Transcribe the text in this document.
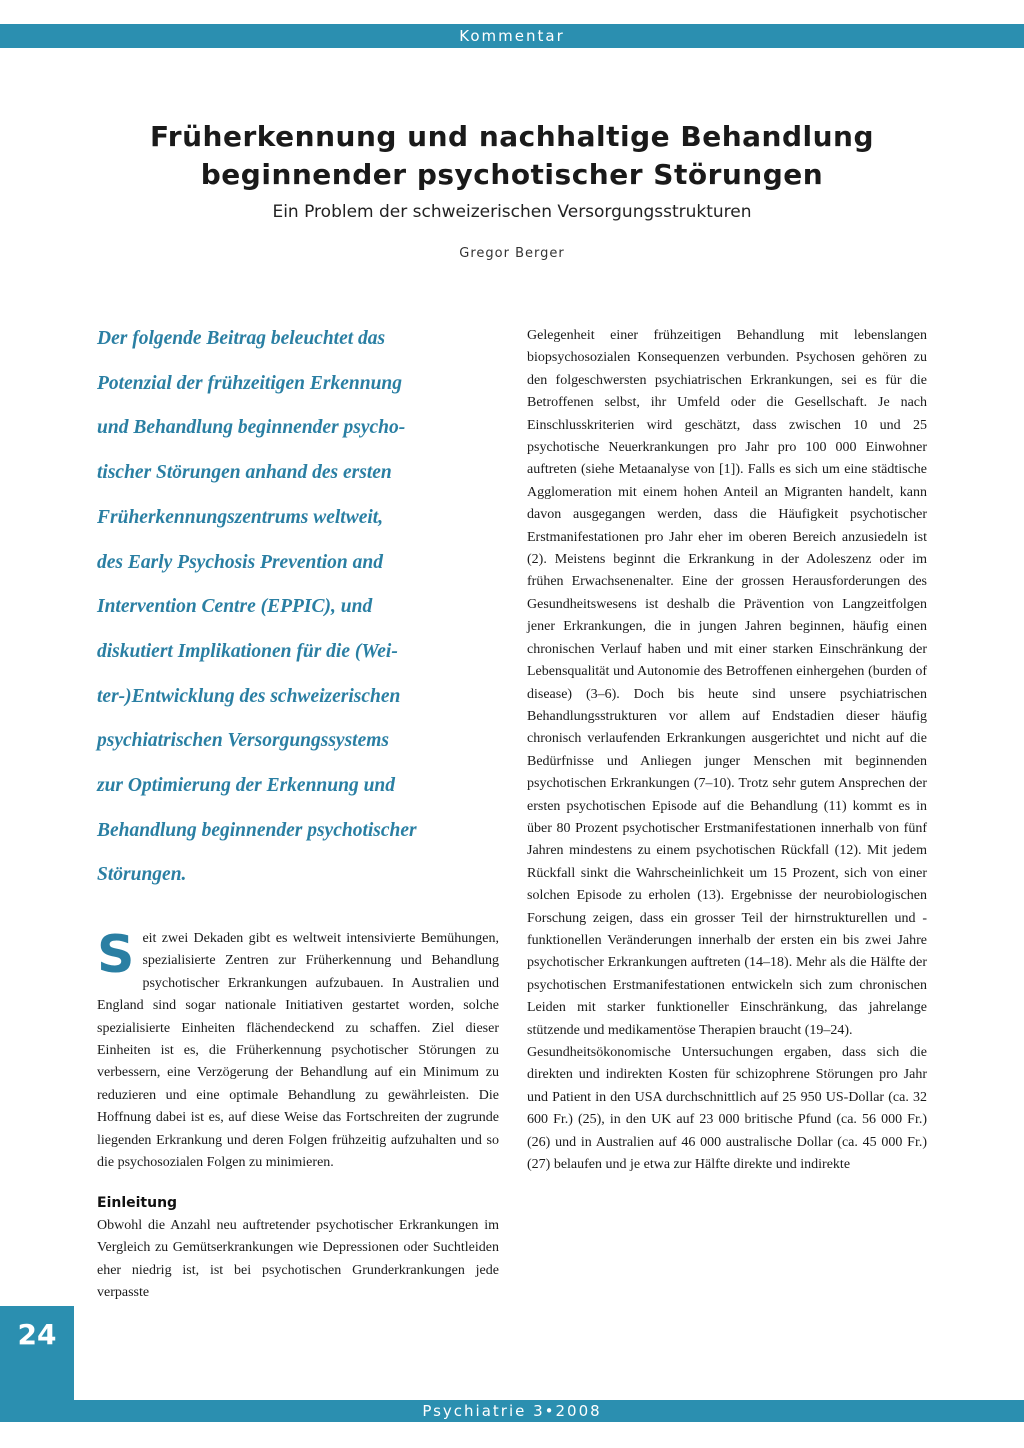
Kommentar
Früherkennung und nachhaltige Behandlung
beginnender psychotischer Störungen
Ein Problem der schweizerischen Versorgungsstrukturen
Gregor Berger

Der folgende Beitrag beleuchtet das

Potenzial der frühzeitigen Erkennung

und Behandlung beginnender psycho-

tischer Störungen anhand des ersten

Früherkennungszentrums weltweit,

des Early Psychosis Prevention and

Intervention Centre (EPPIC), und

diskutiert Implikationen für die (Wei-

ter-)Entwicklung des schweizerischen

psychiatrischen Versorgungssystems

zur Optimierung der Erkennung und

Behandlung beginnender psychotischer

Störungen.

Seit zwei Dekaden gibt es weltweit intensivierte Bemühungen, spezialisierte Zentren zur Früherkennung und Behandlung psychotischer Erkrankungen aufzubauen. In Australien und England sind sogar nationale Initiativen gestartet worden, solche spezialisierte Einheiten flächendeckend zu schaffen. Ziel dieser Einheiten ist es, die Früherkennung psychotischer Störungen zu verbessern, eine Verzögerung der Behandlung auf ein Minimum zu reduzieren und eine optimale Behandlung zu gewährleisten. Die Hoffnung dabei ist es, auf diese Weise das Fortschreiten der zugrunde liegenden Erkrankung und deren Folgen frühzeitig aufzuhalten und so die psychosozialen Folgen zu minimieren.

Einleitung

Obwohl die Anzahl neu auftretender psychotischer Erkrankungen im Vergleich zu Gemütserkrankungen wie Depressionen oder Suchtleiden eher niedrig ist, ist bei psychotischen Grunderkrankungen jede verpasste

Gelegenheit einer frühzeitigen Behandlung mit lebenslangen biopsychosozialen Konsequenzen verbunden. Psychosen gehören zu den folgeschwersten psychiatrischen Erkrankungen, sei es für die Betroffenen selbst, ihr Umfeld oder die Gesellschaft. Je nach Einschlusskriterien wird geschätzt, dass zwischen 10 und 25 psychotische Neuerkrankungen pro Jahr pro 100 000 Einwohner auftreten (siehe Metaanalyse von [1]). Falls es sich um eine städtische Agglomeration mit einem hohen Anteil an Migranten handelt, kann davon ausgegangen werden, dass die Häufigkeit psychotischer Erstmanifestationen pro Jahr eher im oberen Bereich anzusiedeln ist (2). Meistens beginnt die Erkrankung in der Adoleszenz oder im frühen Erwachsenenalter. Eine der grossen Herausforderungen des Gesundheitswesens ist deshalb die Prävention von Langzeitfolgen jener Erkrankungen, die in jungen Jahren beginnen, häufig einen chronischen Verlauf haben und mit einer starken Einschränkung der Lebensqualität und Autonomie des Betroffenen einhergehen (burden of disease) (3–6). Doch bis heute sind unsere psychiatrischen Behandlungsstrukturen vor allem auf Endstadien dieser häufig chronisch verlaufenden Erkrankungen ausgerichtet und nicht auf die Bedürfnisse und Anliegen junger Menschen mit beginnenden psychotischen Erkrankungen (7–10). Trotz sehr gutem Ansprechen der ersten psychotischen Episode auf die Behandlung (11) kommt es in über 80 Prozent psychotischer Erstmanifestationen innerhalb von fünf Jahren mindestens zu einem psychotischen Rückfall (12). Mit jedem Rückfall sinkt die Wahrscheinlichkeit um 15 Prozent, sich von einer solchen Episode zu erholen (13). Ergebnisse der neurobiologischen Forschung zeigen, dass ein grosser Teil der hirnstrukturellen und -funktionellen Veränderungen innerhalb der ersten ein bis zwei Jahre psychotischer Erkrankungen auftreten (14–18). Mehr als die Hälfte der psychotischen Erstmanifestationen entwickeln sich zum chronischen Leiden mit starker funktioneller Einschränkung, das jahrelange stützende und medikamentöse Therapien braucht (19–24).

Gesundheitsökonomische Untersuchungen ergaben, dass sich die direkten und indirekten Kosten für schizophrene Störungen pro Jahr und Patient in den USA durchschnittlich auf 25 950 US-Dollar (ca. 32 600 Fr.) (25), in den UK auf 23 000 britische Pfund (ca. 56 000 Fr.) (26) und in Australien auf 46 000 australische Dollar (ca. 45 000 Fr.) (27) belaufen und je etwa zur Hälfte direkte und indirekte

24
Psychiatrie 3•2008
